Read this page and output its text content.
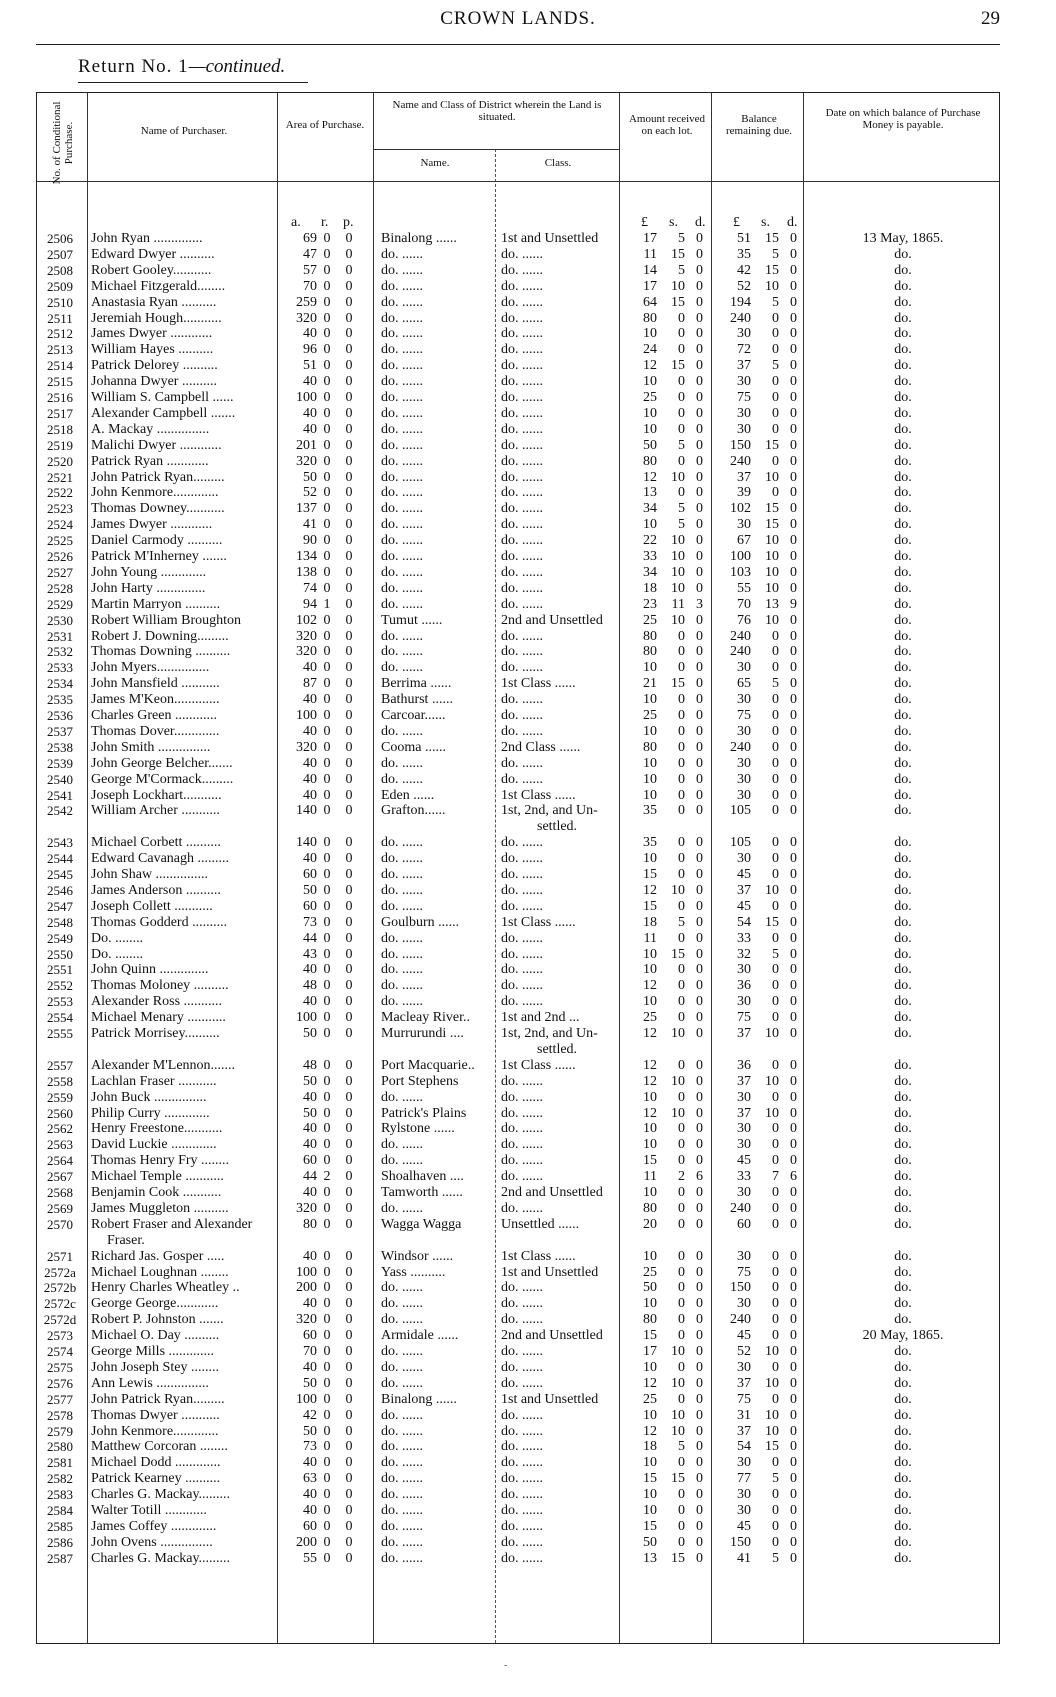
CROWN LANDS.	29
Return No. 1—continued.
No. of Conditional Purchase.	Name of Purchaser.	Area of Purchase.
Name and Class of District wherein the Land is situated.
Name.	Class.
Amount received on each lot.
Balance remaining due.
Date on which balance of Purchase Money is payable.
a. r. p.	£ s. d. £ s. d.
2506	John Ryan ..............	69 0	0	Binalong ......	1st and Unsettled	17	5 0	51	15 0	13 May, 1865.
2507	Edward Dwyer ..........	47 0	0	do. ......	do. ......	11	15 0	35	5 0	do.
2508	Robert Gooley...........	57 0	0	do. ......	do. ......	14	5 0	42	15 0	do.
2509	Michael Fitzgerald........	70 0	0	do. ......	do. ......	17	10 0	52	10 0	do.
2510	Anastasia Ryan ..........	259 0	0	do. ......	do. ......	64	15 0	194	5 0	do.
2511	Jeremiah Hough...........	320 0	0	do. ......	do. ......	80	0 0	240	0 0	do.
2512	James Dwyer ............	40 0	0	do. ......	do. ......	10	0 0	30	0 0	do.
2513	William Hayes ..........	96 0	0	do. ......	do. ......	24	0 0	72	0 0	do.
2514	Patrick Delorey ..........	51 0	0	do. ......	do. ......	12	15 0	37	5 0	do.
2515	Johanna Dwyer ..........	40 0	0	do. ......	do. ......	10	0 0	30	0 0	do.
2516	William S. Campbell ......	100 0	0	do. ......	do. ......	25	0 0	75	0 0	do.
2517	Alexander Campbell .......	40 0	0	do. ......	do. ......	10	0 0	30	0 0	do.
2518	A. Mackay ...............	40 0	0	do. ......	do. ......	10	0 0	30	0 0	do.
2519	Malichi Dwyer ............	201 0	0	do. ......	do. ......	50	5 0	150	15 0	do.
2520	Patrick Ryan ............	320 0	0	do. ......	do. ......	80	0 0	240	0 0	do.
2521	John Patrick Ryan.........	50 0	0	do. ......	do. ......	12	10 0	37	10 0	do.
2522	John Kenmore.............	52 0	0	do. ......	do. ......	13	0 0	39	0 0	do.
2523	Thomas Downey...........	137 0	0	do. ......	do. ......	34	5 0	102	15 0	do.
2524	James Dwyer ............	41 0	0	do. ......	do. ......	10	5 0	30	15 0	do.
2525	Daniel Carmody ..........	90 0	0	do. ......	do. ......	22	10 0	67	10 0	do.
2526	Patrick M'Inherney .......	134 0	0	do. ......	do. ......	33	10 0	100	10 0	do.
2527	John Young .............	138 0	0	do. ......	do. ......	34	10 0	103	10 0	do.
2528	John Harty ..............	74 0	0	do. ......	do. ......	18	10 0	55	10 0	do.
2529	Martin Marryon ..........	94 1	0	do. ......	do. ......	23	11 3	70	13 9	do.
2530	Robert William Broughton	102 0	0	Tumut ......	2nd and Unsettled	25	10 0	76	10 0	do.
2531	Robert J. Downing.........	320 0	0	do. ......	do. ......	80	0 0	240	0 0	do.
2532	Thomas Downing ..........	320 0	0	do. ......	do. ......	80	0 0	240	0 0	do.
2533	John Myers...............	40 0	0	do. ......	do. ......	10	0 0	30	0 0	do.
2534	John Mansfield ...........	87 0	0	Berrima ......	1st Class ......	21	15 0	65	5 0	do.
2535	James M'Keon.............	40 0	0	Bathurst ......	do. ......	10	0 0	30	0 0	do.
2536	Charles Green ............	100 0	0	Carcoar......	do. ......	25	0 0	75	0 0	do.
2537	Thomas Dover.............	40 0	0	do. ......	do. ......	10	0 0	30	0 0	do.
2538	John Smith ...............	320 0	0	Cooma ......	2nd Class ......	80	0 0	240	0 0	do.
2539	John George Belcher.......	40 0	0	do. ......	do. ......	10	0 0	30	0 0	do.
2540	George M'Cormack.........	40 0	0	do. ......	do. ......	10	0 0	30	0 0	do.
2541	Joseph Lockhart...........	40 0	0	Eden ......	1st Class ......	10	0 0	30	0 0	do.
2542	William Archer ...........	140 0	0	Grafton......	1st, 2nd, and Un-	35	0 0	105	0 0	do.
settled.
2543	Michael Corbett ..........	140 0	0	do. ......	do. ......	35	0 0	105	0 0	do.
2544	Edward Cavanagh .........	40 0	0	do. ......	do. ......	10	0 0	30	0 0	do.
2545	John Shaw ...............	60 0	0	do. ......	do. ......	15	0 0	45	0 0	do.
2546	James Anderson ..........	50 0	0	do. ......	do. ......	12	10 0	37	10 0	do.
2547	Joseph Collett ...........	60 0	0	do. ......	do. ......	15	0 0	45	0 0	do.
2548	Thomas Godderd ..........	73 0	0	Goulburn ......	1st Class ......	18	5 0	54	15 0	do.
2549	Do. ........	44 0	0	do. ......	do. ......	11	0 0	33	0 0	do.
2550	Do. ........	43 0	0	do. ......	do. ......	10	15 0	32	5 0	do.
2551	John Quinn ..............	40 0	0	do. ......	do. ......	10	0 0	30	0 0	do.
2552	Thomas Moloney ..........	48 0	0	do. ......	do. ......	12	0 0	36	0 0	do.
2553	Alexander Ross ...........	40 0	0	do. ......	do. ......	10	0 0	30	0 0	do.
2554	Michael Menary ...........	100 0	0	Macleay River..	1st and 2nd ...	25	0 0	75	0 0	do.
2555	Patrick Morrisey..........	50 0	0	Murrurundi ....	1st, 2nd, and Un-	12	10 0	37	10 0	do.
settled.
2557	Alexander M'Lennon.......	48 0	0	Port Macquarie..	1st Class ......	12	0 0	36	0 0	do.
2558	Lachlan Fraser ...........	50 0	0	Port Stephens	do. ......	12	10 0	37	10 0	do.
2559	John Buck ...............	40 0	0	do. ......	do. ......	10	0 0	30	0 0	do.
2560	Philip Curry .............	50 0	0	Patrick's Plains	do. ......	12	10 0	37	10 0	do.
2562	Henry Freestone...........	40 0	0	Rylstone ......	do. ......	10	0 0	30	0 0	do.
2563	David Luckie .............	40 0	0	do. ......	do. ......	10	0 0	30	0 0	do.
2564	Thomas Henry Fry ........	60 0	0	do. ......	do. ......	15	0 0	45	0 0	do.
2567	Michael Temple ...........	44 2	0	Shoalhaven ....	do. ......	11	2 6	33	7 6	do.
2568	Benjamin Cook ...........	40 0	0	Tamworth ......	2nd and Unsettled	10	0 0	30	0 0	do.
2569	James Muggleton ..........	320 0	0	do. ......	do. ......	80	0 0	240	0 0	do.
2570	Robert Fraser and Alexander	80 0	0	Wagga Wagga	Unsettled ......	20	0 0	60	0 0	do.
Fraser.
2571	Richard Jas. Gosper .....	40 0	0	Windsor ......	1st Class ......	10	0 0	30	0 0	do.
2572a	Michael Loughnan ........	100 0	0	Yass ..........	1st and Unsettled	25	0 0	75	0 0	do.
2572b	Henry Charles Wheatley ..	200 0	0	do. ......	do. ......	50	0 0	150	0 0	do.
2572c	George George............	40 0	0	do. ......	do. ......	10	0 0	30	0 0	do.
2572d	Robert P. Johnston .......	320 0	0	do. ......	do. ......	80	0 0	240	0 0	do.
2573	Michael O. Day ..........	60 0	0	Armidale ......	2nd and Unsettled	15	0 0	45	0 0	20 May, 1865.
2574	George Mills .............	70 0	0	do. ......	do. ......	17	10 0	52	10 0	do.
2575	John Joseph Stey ........	40 0	0	do. ......	do. ......	10	0 0	30	0 0	do.
2576	Ann Lewis ...............	50 0	0	do. ......	do. ......	12	10 0	37	10 0	do.
2577	John Patrick Ryan.........	100 0	0	Binalong ......	1st and Unsettled	25	0 0	75	0 0	do.
2578	Thomas Dwyer ...........	42 0	0	do. ......	do. ......	10	10 0	31	10 0	do.
2579	John Kenmore.............	50 0	0	do. ......	do. ......	12	10 0	37	10 0	do.
2580	Matthew Corcoran ........	73 0	0	do. ......	do. ......	18	5 0	54	15 0	do.
2581	Michael Dodd .............	40 0	0	do. ......	do. ......	10	0 0	30	0 0	do.
2582	Patrick Kearney ..........	63 0	0	do. ......	do. ......	15	15 0	77	5 0	do.
2583	Charles G. Mackay.........	40 0	0	do. ......	do. ......	10	0 0	30	0 0	do.
2584	Walter Totill ............	40 0	0	do. ......	do. ......	10	0 0	30	0 0	do.
2585	James Coffey .............	60 0	0	do. ......	do. ......	15	0 0	45	0 0	do.
2586	John Ovens ...............	200 0	0	do. ......	do. ......	50	0 0	150	0 0	do.
2587	Charles G. Mackay.........	55 0	0	do. ......	do. ......	13	15 0	41	5 0	do.
-
